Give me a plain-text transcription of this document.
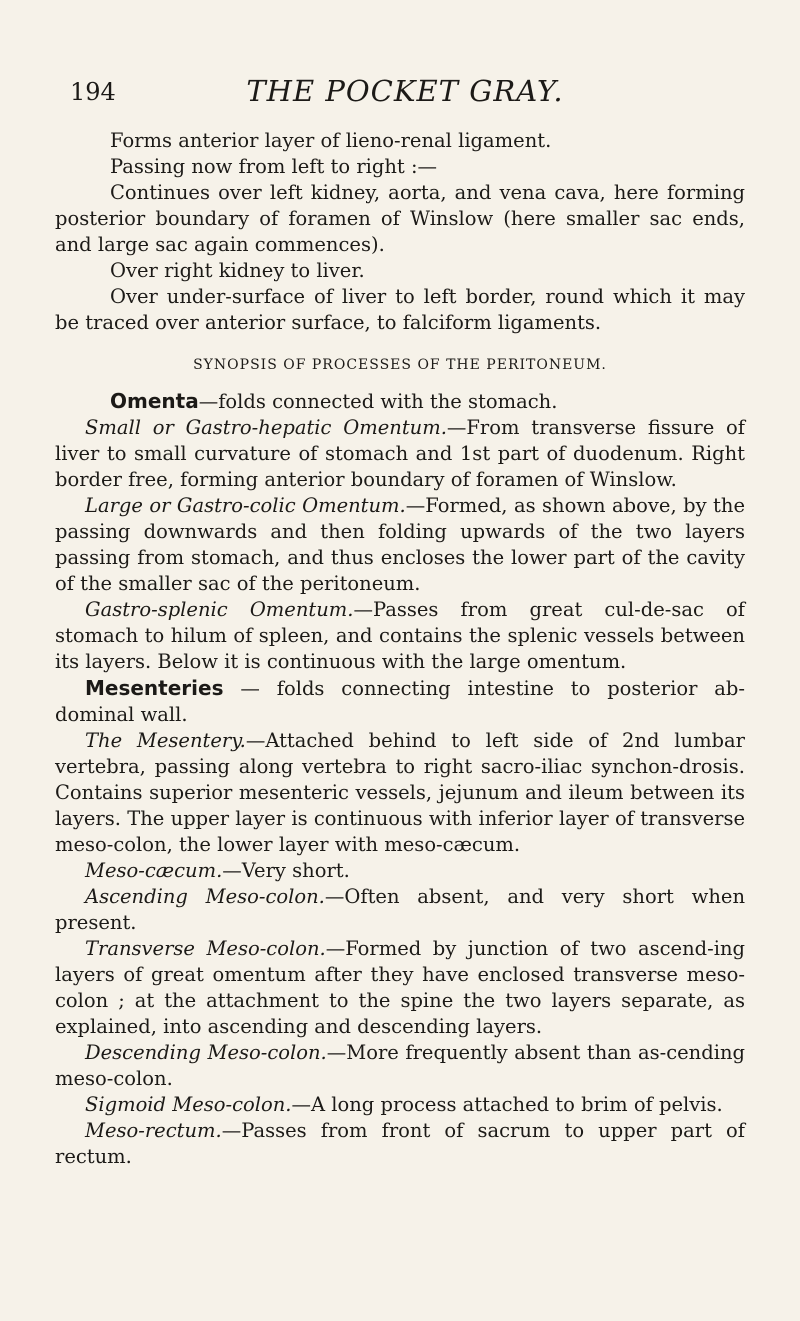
194	THE POCKET GRAY.

Forms anterior layer of lieno-renal ligament.

Passing now from left to right :—

Continues over left kidney, aorta, and vena cava, here forming posterior boundary of foramen of Winslow (here smaller sac ends, and large sac again commences).

Over right kidney to liver.

Over under-surface of liver to left border, round which it may be traced over anterior surface, to falciform ligaments.

SYNOPSIS OF PROCESSES OF THE PERITONEUM.

Omenta—folds connected with the stomach.

Small or Gastro-hepatic Omentum.—From transverse fissure of liver to small curvature of stomach and 1st part of duodenum. Right border free, forming anterior boundary of foramen of Winslow.

Large or Gastro-colic Omentum.—Formed, as shown above, by the passing downwards and then folding upwards of the two layers passing from stomach, and thus encloses the lower part of the cavity of the smaller sac of the peritoneum.

Gastro-splenic Omentum.—Passes from great cul-de-sac of stomach to hilum of spleen, and contains the splenic vessels between its layers. Below it is continuous with the large omentum.

Mesenteries — folds connecting intestine to posterior ab-dominal wall.

The Mesentery.—Attached behind to left side of 2nd lumbar vertebra, passing along vertebra to right sacro-iliac synchon-drosis. Contains superior mesenteric vessels, jejunum and ileum between its layers. The upper layer is continuous with inferior layer of transverse meso-colon, the lower layer with meso-cæcum.

Meso-cæcum.—Very short.

Ascending Meso-colon.—Often absent, and very short when present.

Transverse Meso-colon.—Formed by junction of two ascend-ing layers of great omentum after they have enclosed transverse meso-colon ; at the attachment to the spine the two layers separate, as explained, into ascending and descending layers.

Descending Meso-colon.—More frequently absent than as-cending meso-colon.

Sigmoid Meso-colon.—A long process attached to brim of pelvis.

Meso-rectum.—Passes from front of sacrum to upper part of rectum.
